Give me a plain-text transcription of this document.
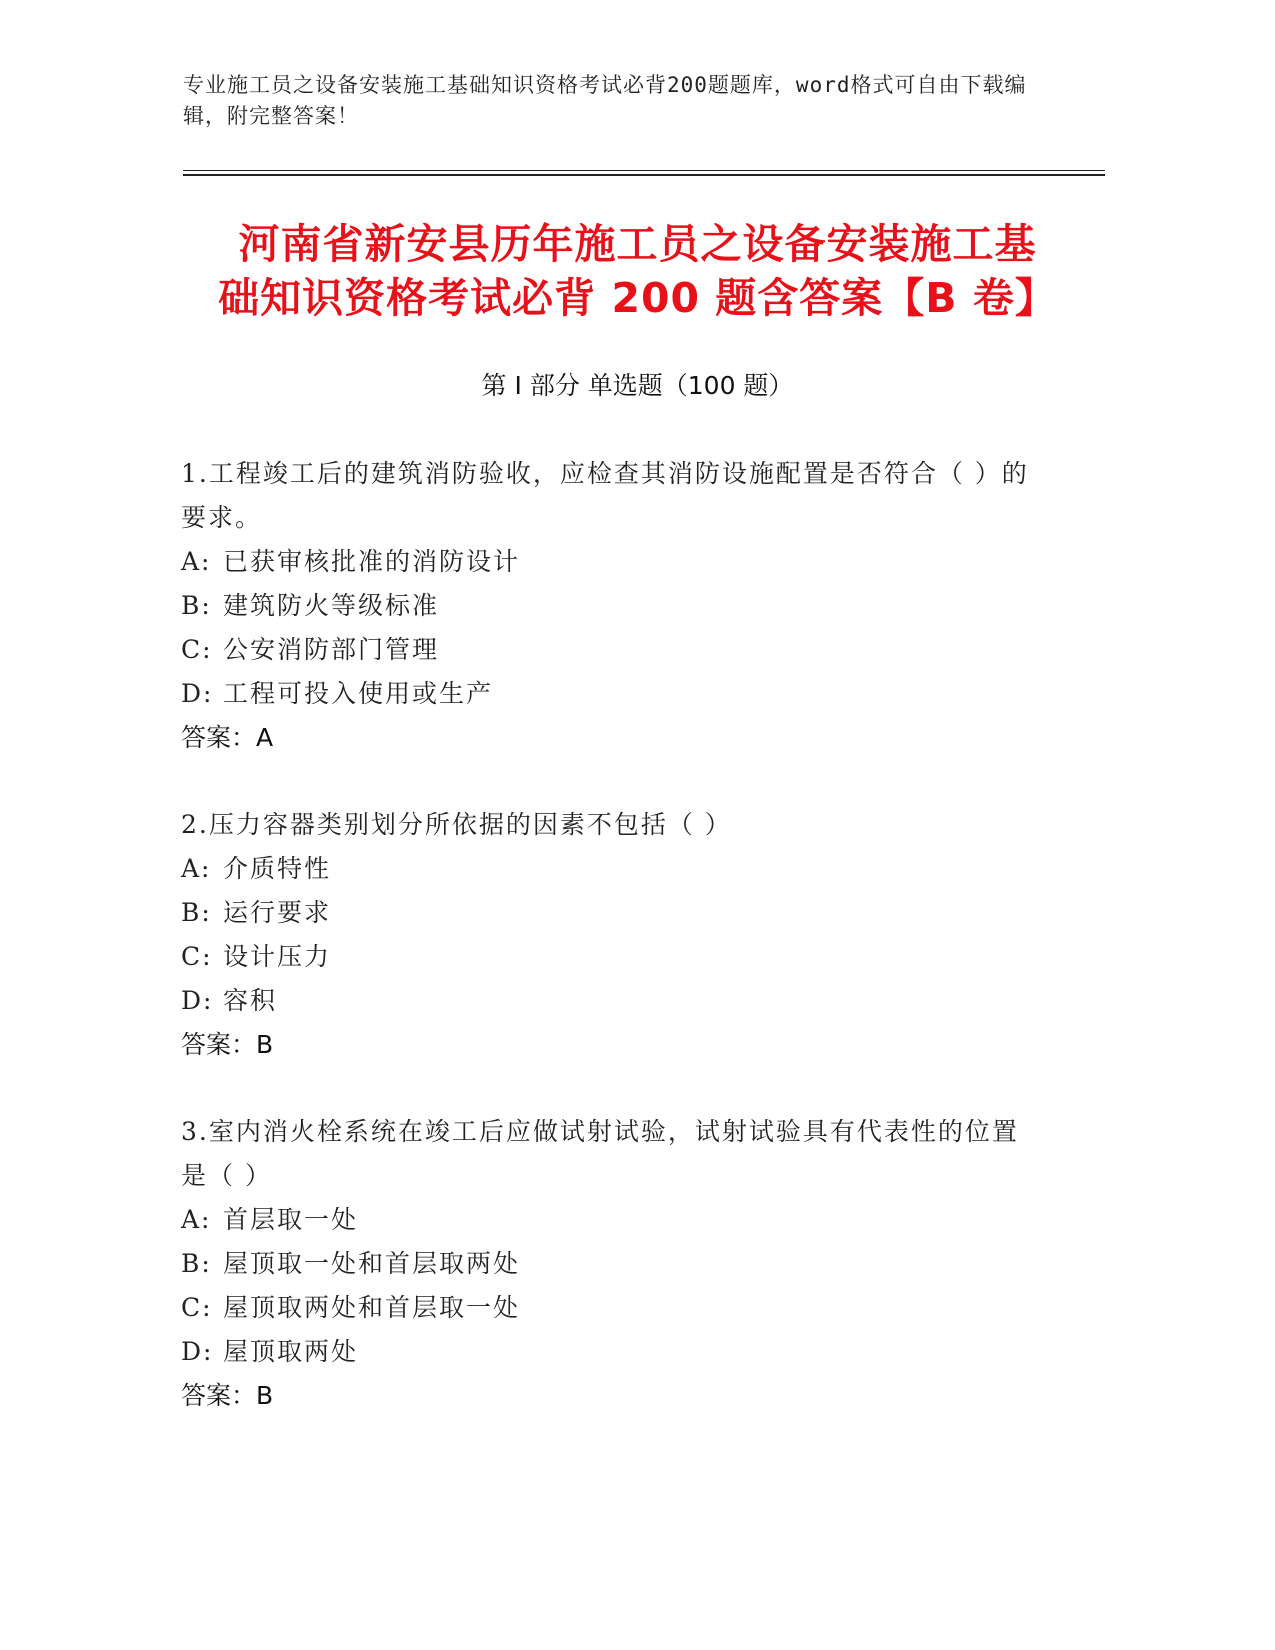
专业施工员之设备安装施工基础知识资格考试必背200题题库，word格式可自由下载编辑，附完整答案！
河南省新安县历年施工员之设备安装施工基
础知识资格考试必背 200 题含答案【B 卷】
第 I 部分 单选题（100 题）
1.工程竣工后的建筑消防验收，应检查其消防设施配置是否符合（ ）的要求。
A: 已获审核批准的消防设计
B: 建筑防火等级标准
C: 公安消防部门管理
D: 工程可投入使用或生产
答案：A
2.压力容器类别划分所依据的因素不包括（ ）
A: 介质特性
B: 运行要求
C: 设计压力
D: 容积
答案：B
3.室内消火栓系统在竣工后应做试射试验，试射试验具有代表性的位置是（ ）
A: 首层取一处
B: 屋顶取一处和首层取两处
C: 屋顶取两处和首层取一处
D: 屋顶取两处
答案：B
